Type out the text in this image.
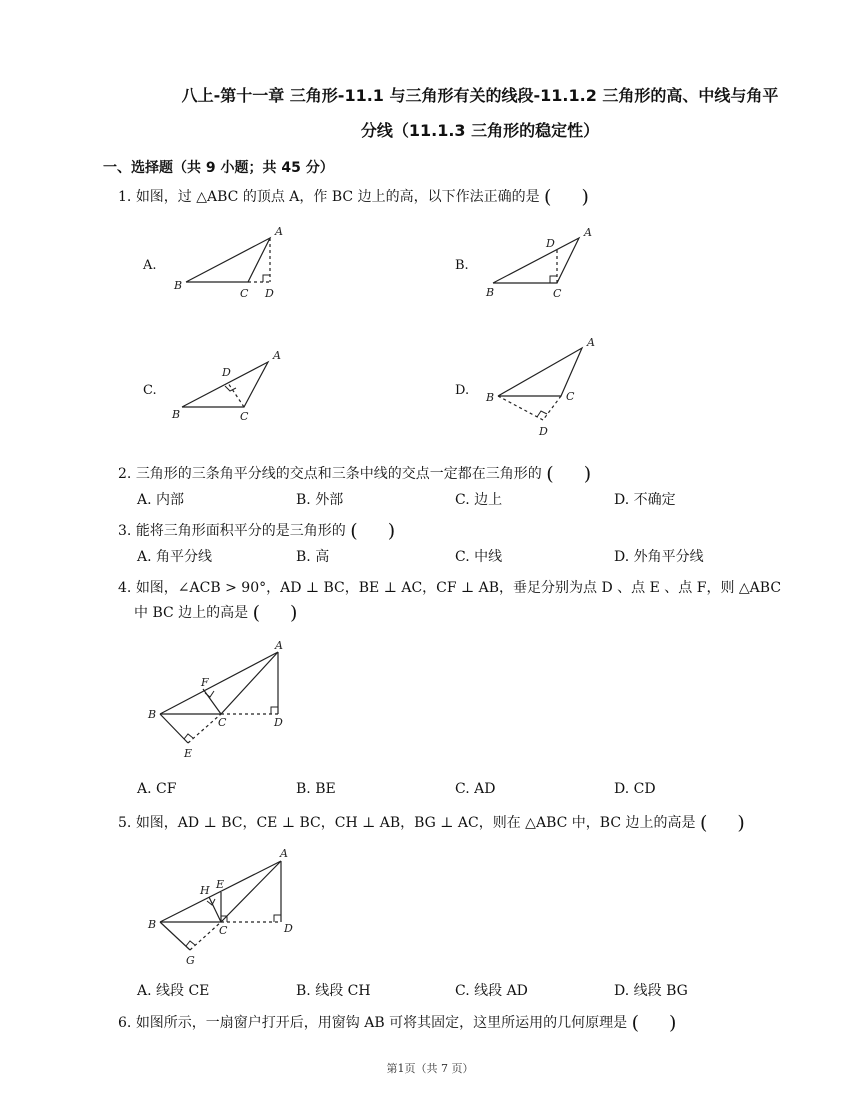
八上-第十一章 三角形-11.1 与三角形有关的线段-11.1.2 三角形的高、中线与角平
分线（11.1.3 三角形的稳定性）
一、选择题（共 9 小题；共 45 分）
1. 如图，过 △ABC 的顶点 A，作 BC 边上的高，以下作法正确的是 ( )
A.	B.
C.	D.
A
B
C D
A
D
B	C
A
D
B	C
A
B	C
D
2. 三角形的三条角平分线的交点和三条中线的交点一定都在三角形的 ( )
A. 内部	B. 外部	C. 边上	D. 不确定
3. 能将三角形面积平分的是三角形的 ( )
A. 角平分线	B. 高	C. 中线	D. 外角平分线
4. 如图，∠ACB > 90°，AD ⊥ BC，BE ⊥ AC，CF ⊥ AB，垂足分别为点 D 、点 E 、点 F，则 △ABC
中 BC 边上的高是 ( )
A
F
B
C	D
E
A. CF	B. BE	C. AD	D. CD
5. 如图，AD ⊥ BC，CE ⊥ BC，CH ⊥ AB，BG ⊥ AC，则在 △ABC 中，BC 边上的高是 ( )
A
E
H
B	C	D
G
A. 线段 CE	B. 线段 CH	C. 线段 AD	D. 线段 BG
6. 如图所示，一扇窗户打开后，用窗钩 AB 可将其固定，这里所运用的几何原理是 ( )
第1页（共 7 页）
